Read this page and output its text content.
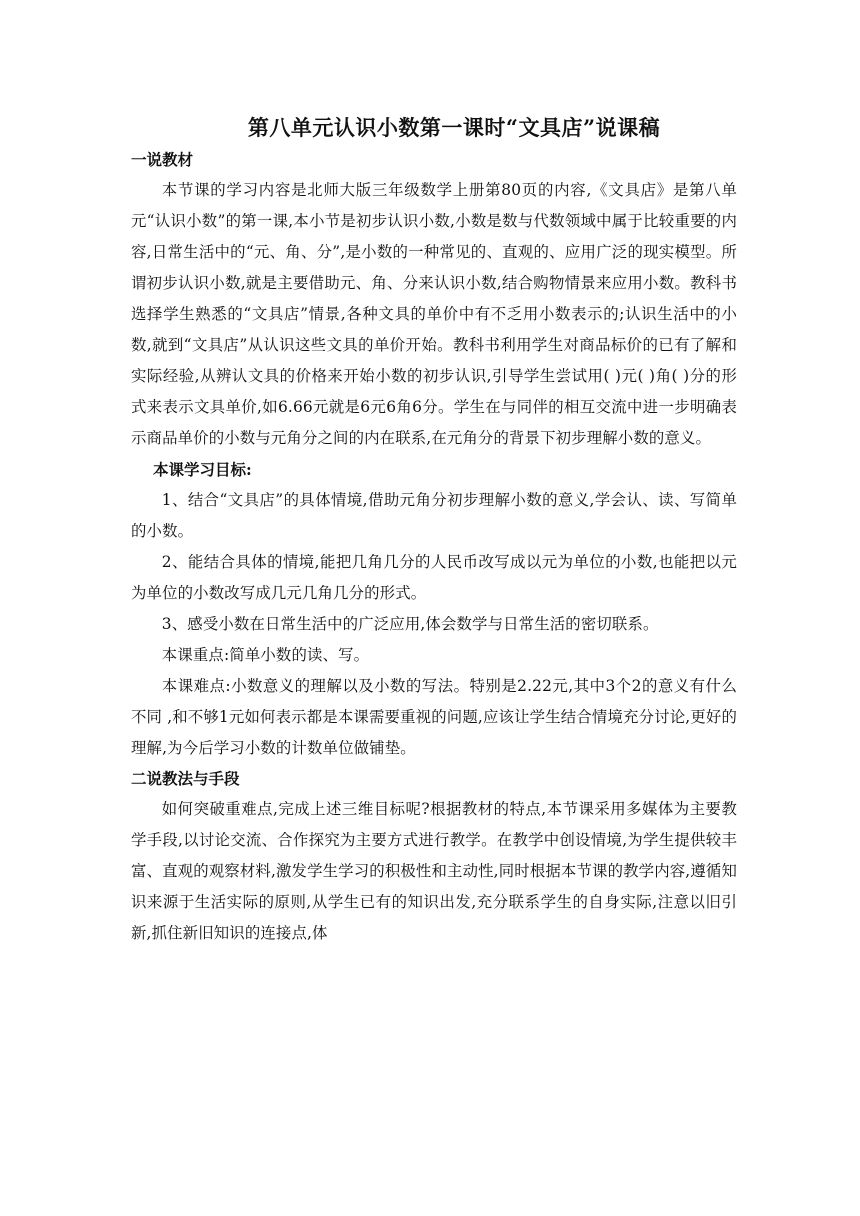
第八单元认识小数第一课时“文具店”说课稿
一说教材

本节课的学习内容是北师大版三年级数学上册第80页的内容,《文具店》是第八单元“认识小数”的第一课,本小节是初步认识小数,小数是数与代数领域中属于比较重要的内容,日常生活中的“元、角、分”,是小数的一种常见的、直观的、应用广泛的现实模型。所谓初步认识小数,就是主要借助元、角、分来认识小数,结合购物情景来应用小数。教科书选择学生熟悉的“文具店”情景,各种文具的单价中有不乏用小数表示的;认识生活中的小数,就到“文具店”从认识这些文具的单价开始。教科书利用学生对商品标价的已有了解和实际经验,从辨认文具的价格来开始小数的初步认识,引导学生尝试用( )元( )角( )分的形式来表示文具单价,如6.66元就是6元6角6分。学生在与同伴的相互交流中进一步明确表示商品单价的小数与元角分之间的内在联系,在元角分的背景下初步理解小数的意义。

本课学习目标:

1、结合“文具店”的具体情境,借助元角分初步理解小数的意义,学会认、读、写简单的小数。

2、能结合具体的情境,能把几角几分的人民币改写成以元为单位的小数,也能把以元为单位的小数改写成几元几角几分的形式。

3、感受小数在日常生活中的广泛应用,体会数学与日常生活的密切联系。

本课重点:简单小数的读、写。

本课难点:小数意义的理解以及小数的写法。特别是2.22元,其中3个2的意义有什么不同 ,和不够1元如何表示都是本课需要重视的问题,应该让学生结合情境充分讨论,更好的理解,为今后学习小数的计数单位做铺垫。

二说教法与手段

如何突破重难点,完成上述三维目标呢?根据教材的特点,本节课采用多媒体为主要教学手段,以讨论交流、合作探究为主要方式进行教学。在教学中创设情境,为学生提供较丰富、直观的观察材料,激发学生学习的积极性和主动性,同时根据本节课的教学内容,遵循知识来源于生活实际的原则,从学生已有的知识出发,充分联系学生的自身实际,注意以旧引新,抓住新旧知识的连接点,体
